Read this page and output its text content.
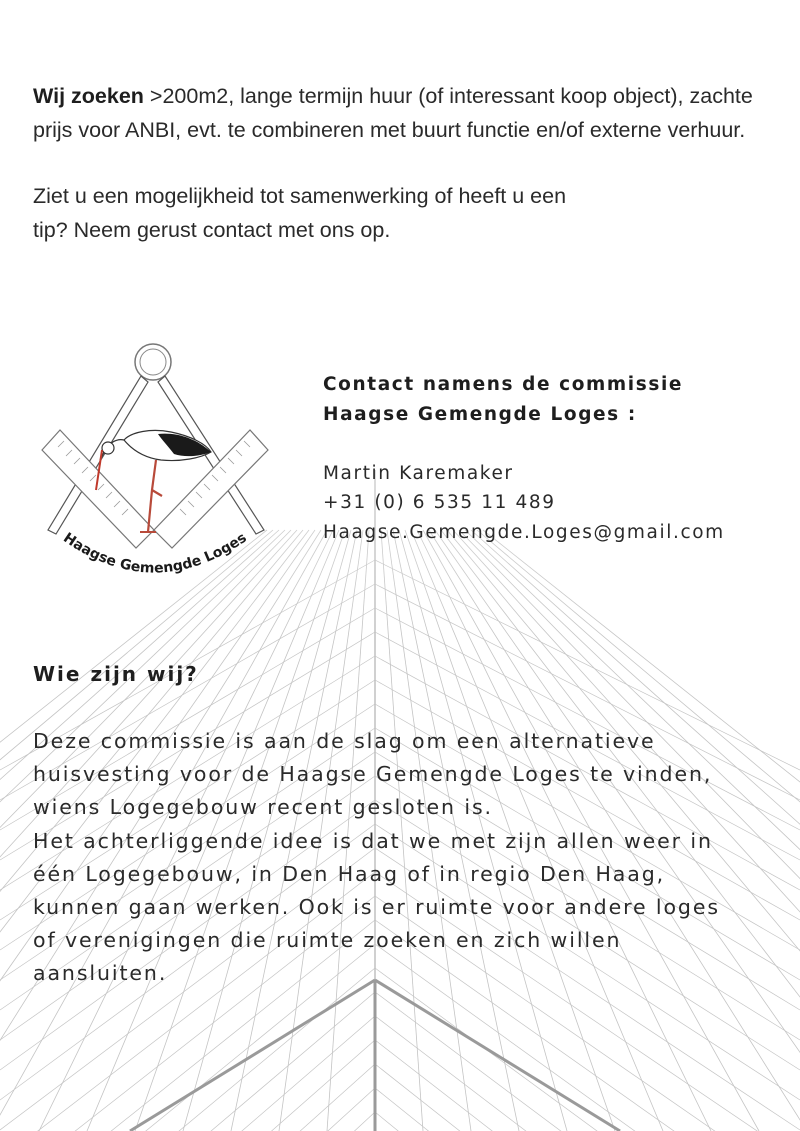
Wij zoeken >200m2, lange termijn huur (of interessant koop object), zachte prijs voor ANBI, evt. te combineren met buurt functie en/of externe verhuur.

Ziet u een mogelijkheid tot samenwerking of heeft u een tip? Neem gerust contact met ons op.

Haagse Gemengde Loges
Contact namens de commissie
Haagse Gemengde Loges :
Martin Karemaker
+31 (0) 6 535 11 489
Haagse.Gemengde.Loges@gmail.com
Wie zijn wij?
Deze commissie is aan de slag om een alternatieve
huisvesting voor de Haagse Gemengde Loges te vinden,
wiens Logegebouw recent gesloten is.
Het achterliggende idee is dat we met zijn allen weer in
één Logegebouw, in Den Haag of in regio Den Haag,
kunnen gaan werken. Ook is er ruimte voor andere loges
of verenigingen die ruimte zoeken en zich willen
aansluiten.
